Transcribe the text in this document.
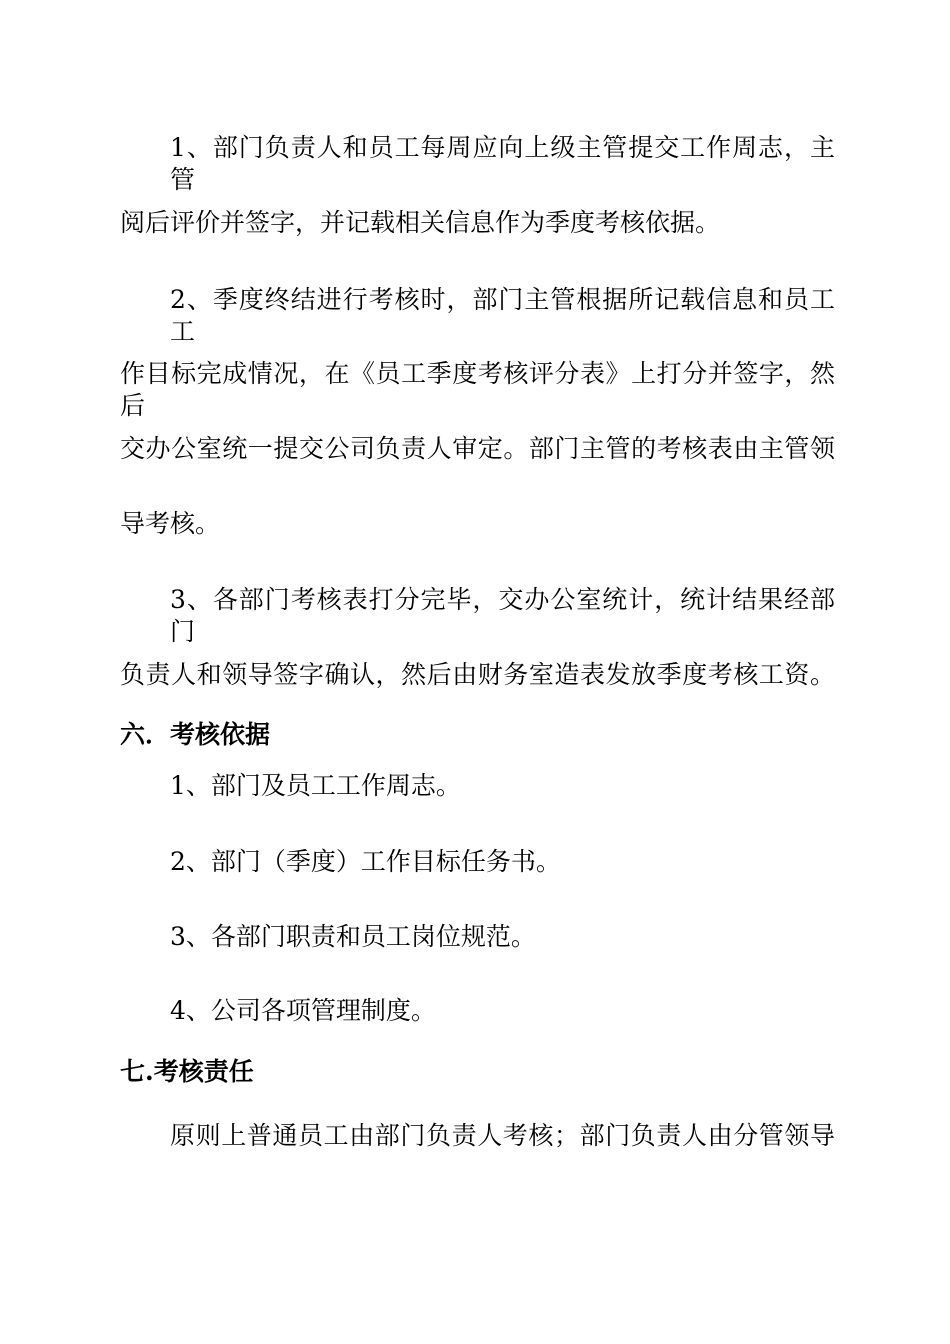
1、部门负责人和员工每周应向上级主管提交工作周志，主管
阅后评价并签字，并记载相关信息作为季度考核依据。
2、季度终结进行考核时，部门主管根据所记载信息和员工工
作目标完成情况，在《员工季度考核评分表》上打分并签字，然后
交办公室统一提交公司负责人审定。部门主管的考核表由主管领
导考核。
3、各部门考核表打分完毕，交办公室统计，统计结果经部门
负责人和领导签字确认，然后由财务室造表发放季度考核工资。
六．考核依据
1、部门及员工工作周志。
2、部门（季度）工作目标任务书。
3、各部门职责和员工岗位规范。
4、公司各项管理制度。
七.考核责任
原则上普通员工由部门负责人考核；部门负责人由分管领导
